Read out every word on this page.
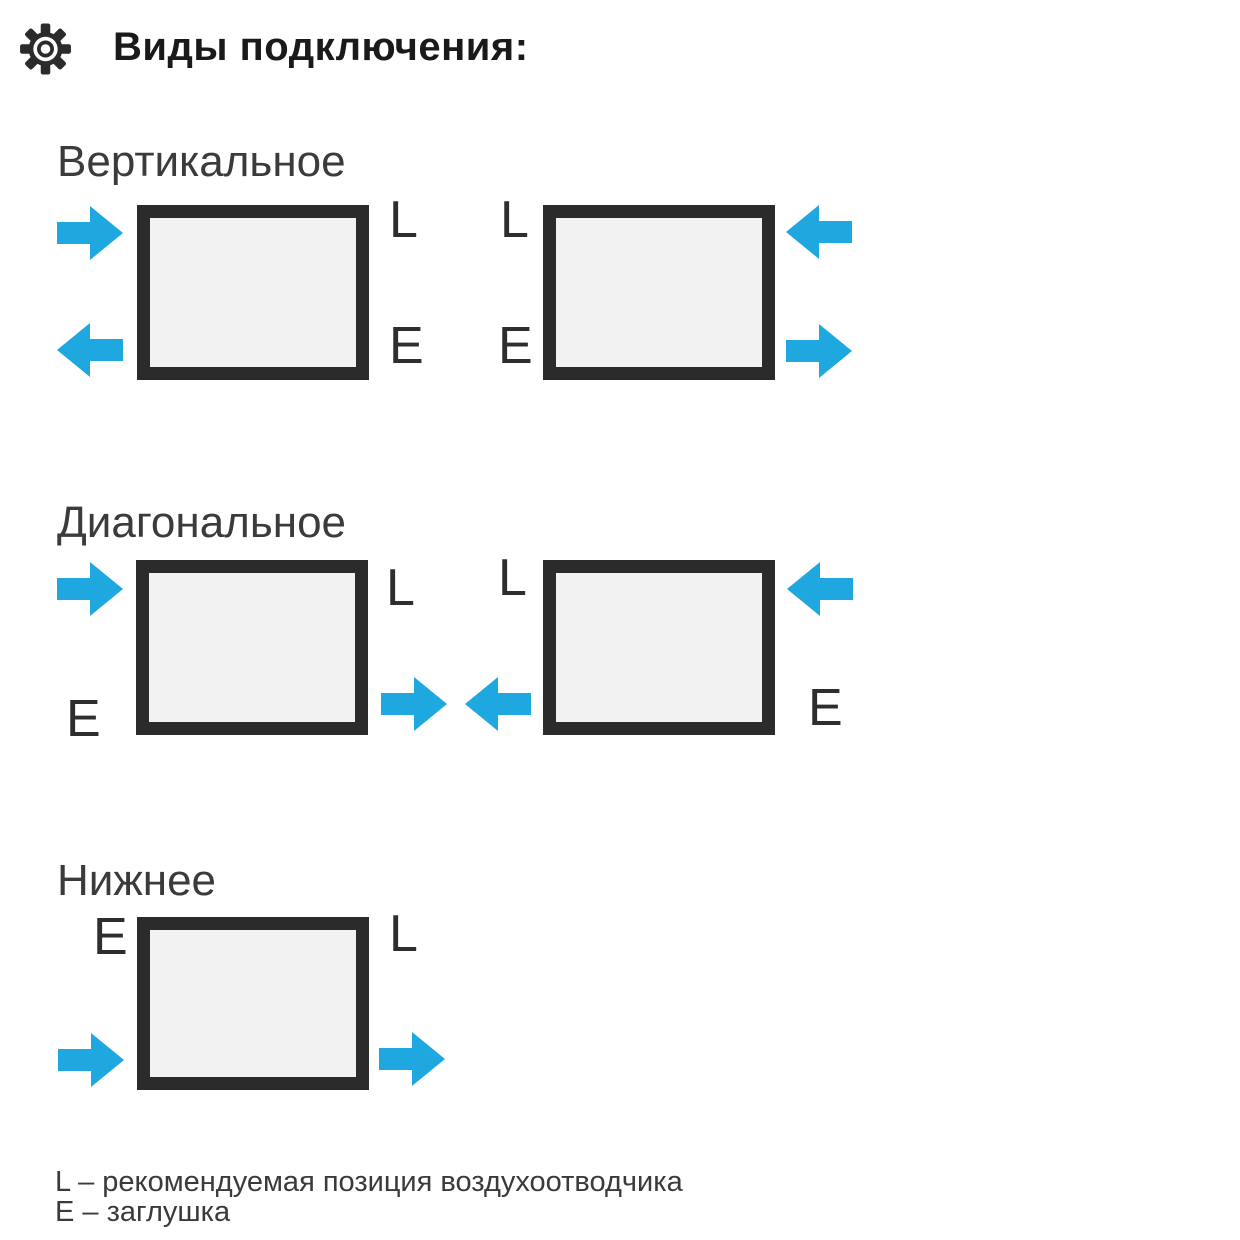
Виды подключения:
Вертикальное
L
E
L
E
Диагональное
E
L L
E
Нижнее
E	L
L – рекомендуемая позиция воздухоотводчика
E – заглушка
